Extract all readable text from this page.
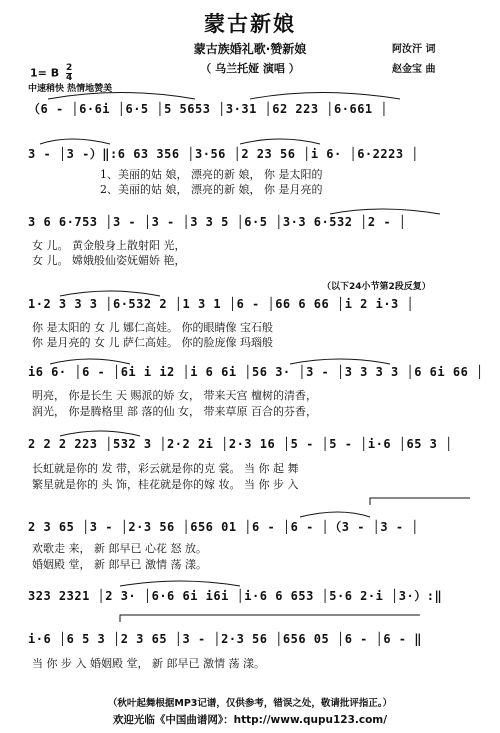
蒙古新娘
蒙古族婚礼歌·赞新娘
（ 乌兰托娅 演唱 ）
阿汝汗 词
赵金宝 曲
1= B $\frac{2}{4}$
中速稍快 热情地赞美
（6 - │6·6i │6·5 │5 5653 │3·31 │62 223 │6·661 │
3 - │3 -）‖:6 63 356 │3·56 │2 23 56 │i 6· │6·2223 │
1、美丽的姑 娘， 漂亮的新 娘， 你 是太阳的
2、美丽的姑 娘， 漂亮的新 娘， 你 是月亮的
3 6 6·753 │3 - │3 - │3 3 5 │6·5 │3·3 6·532 │2 - │
女 儿。 黄金般身上散射阳 光，
女 儿。 嫦娥般仙姿妩媚娇 艳，
（以下24小节第2段反复）
1·2 3 3 3 │6·532 2 │1 3 1 │6 - │66 6 66 │i 2 i·3 │
你 是太阳的 女 儿 娜仁高娃。 你的眼睛像 宝石般
你 是月亮的 女 儿 萨仁高娃。 你的脸庞像 玛瑙般
i6 6· │6 - │6i i i2 │i 6 6i │56 3· │3 - │3 3 3 3 │6 6i 66 │
明亮， 你是长生 天 赐派的娇 女， 带来天宫 檀树的清香，
润光， 你是腾格里 部 落的仙 女， 带来草原 百合的芬香，
2 2 2 223 │532 3 │2·2 2i │2·3 16 │5 - │5 - │i·6 │65 3 │
长虹就是你的 发 带，彩云就是你的克 裳。 当 你 起 舞
繁星就是你的 头 饰，桂花就是你的嫁 妆。 当 你 步 入
2 3 65 │3 - │2·3 56 │656 01 │6 - │6 - │（3 - │3 - │
欢歌走 来， 新 郎早已 心花 怒 放。
婚姻殿 堂， 新 郎早已 激情 荡 漾。
323 2321 │2 3· │6·6 6i i6i │i·6 6 653 │5·6 2·i │3·）:‖
i·6 │6 5 3 │2 3 65 │3 - │2·3 56 │656 05 │6 - │6 - ‖
当 你 步 入 婚姻殿 堂， 新 郎早已 激情 荡 漾。
（秋叶起舞根据MP3记谱，仅供参考，错误之处，敬请批评指正。）
欢迎光临《中国曲谱网》：http://www.qupu123.com/
